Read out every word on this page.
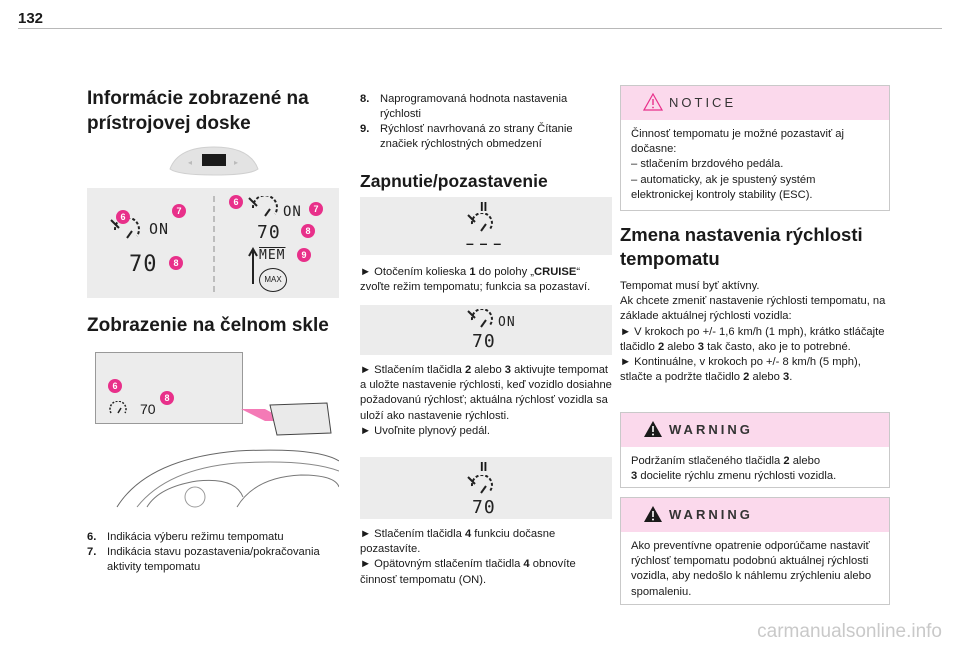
132
Informácie zobrazené na
prístrojovej doske
◂	▸
ON
70
6
7
8
ON
70
$\overline{MEM}$
MAX
6
7
8
9
Zobrazenie na čelnom skle
70
6
8
6. Indikácia výberu režimu tempomatu
7. Indikácia stavu pozastavenia/pokračovania aktivity tempomatu
8. Naprogramovaná hodnota nastavenia rýchlosti
9. Rýchlosť navrhovaná zo strany Čítanie značiek rýchlostných obmedzení
Zapnutie/pozastavenie
II
– – –

► Otočením kolieska 1 do polohy „CRUISE“ zvoľte režim tempomatu; funkcia sa pozastaví.

ON
70
► Stlačením tlačidla 2 alebo 3 aktivujte tempomat a uložte nastavenie rýchlosti, keď vozidlo dosiahne požadovanú rýchlosť; aktuálna rýchlosť vozidla sa uloží ako nastavenie rýchlosti.
► Uvoľnite plynový pedál.
II
70
► Stlačením tlačidla 4 funkciu dočasne pozastavíte.
► Opätovným stlačením tlačidla 4 obnovíte činnosť tempomatu (ON).
NOTICE
Činnosť tempomatu je možné pozastaviť aj dočasne:
– stlačením brzdového pedála.
– automaticky, ak je spustený systém elektronickej kontroly stability (ESC).
Zmena nastavenia rýchlosti
tempomatu
Tempomat musí byť aktívny.
Ak chcete zmeniť nastavenie rýchlosti tempomatu, na základe aktuálnej rýchlosti vozidla:
► V krokoch po +/- 1,6 km/h (1 mph), krátko stláčajte tlačidlo 2 alebo 3 tak často, ako je to potrebné.
► Kontinuálne, v krokoch po +/- 8 km/h (5 mph), stlačte a podržte tlačidlo 2 alebo 3.
WARNING
Podržaním stlačeného tlačidla 2 alebo
3 docielite rýchlu zmenu rýchlosti vozidla.
WARNING
Ako preventívne opatrenie odporúčame nastaviť rýchlosť tempomatu podobnú aktuálnej rýchlosti vozidla, aby nedošlo k náhlemu zrýchleniu alebo spomaleniu.
carmanualsonline.info
